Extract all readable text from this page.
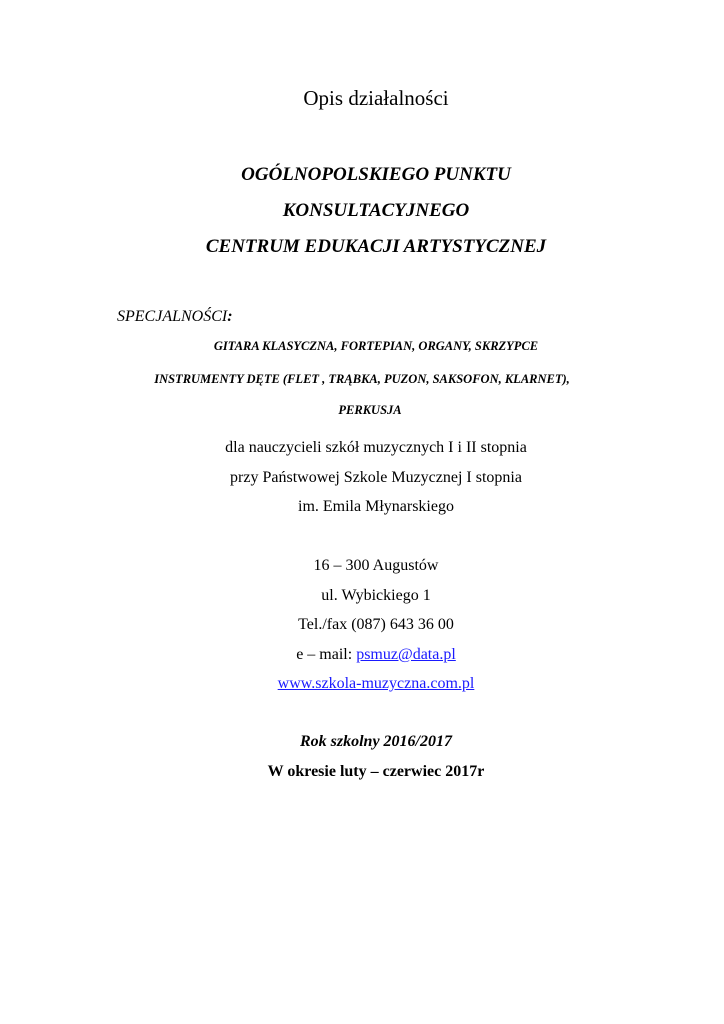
Opis działalności
OGÓLNOPOLSKIEGO PUNKTU
KONSULTACYJNEGO
CENTRUM EDUKACJI ARTYSTYCZNEJ
SPECJALNOŚCI:
GITARA KLASYCZNA, FORTEPIAN, ORGANY, SKRZYPCE
INSTRUMENTY DĘTE (FLET , TRĄBKA, PUZON, SAKSOFON, KLARNET),
PERKUSJA
dla nauczycieli szkół muzycznych I i II stopnia
przy Państwowej Szkole Muzycznej I stopnia
im. Emila Młynarskiego
16 – 300 Augustów
ul. Wybickiego 1
Tel./fax (087) 643 36 00
e – mail: psmuz@data.pl
www.szkola-muzyczna.com.pl
Rok szkolny 2016/2017
W okresie luty – czerwiec 2017r
